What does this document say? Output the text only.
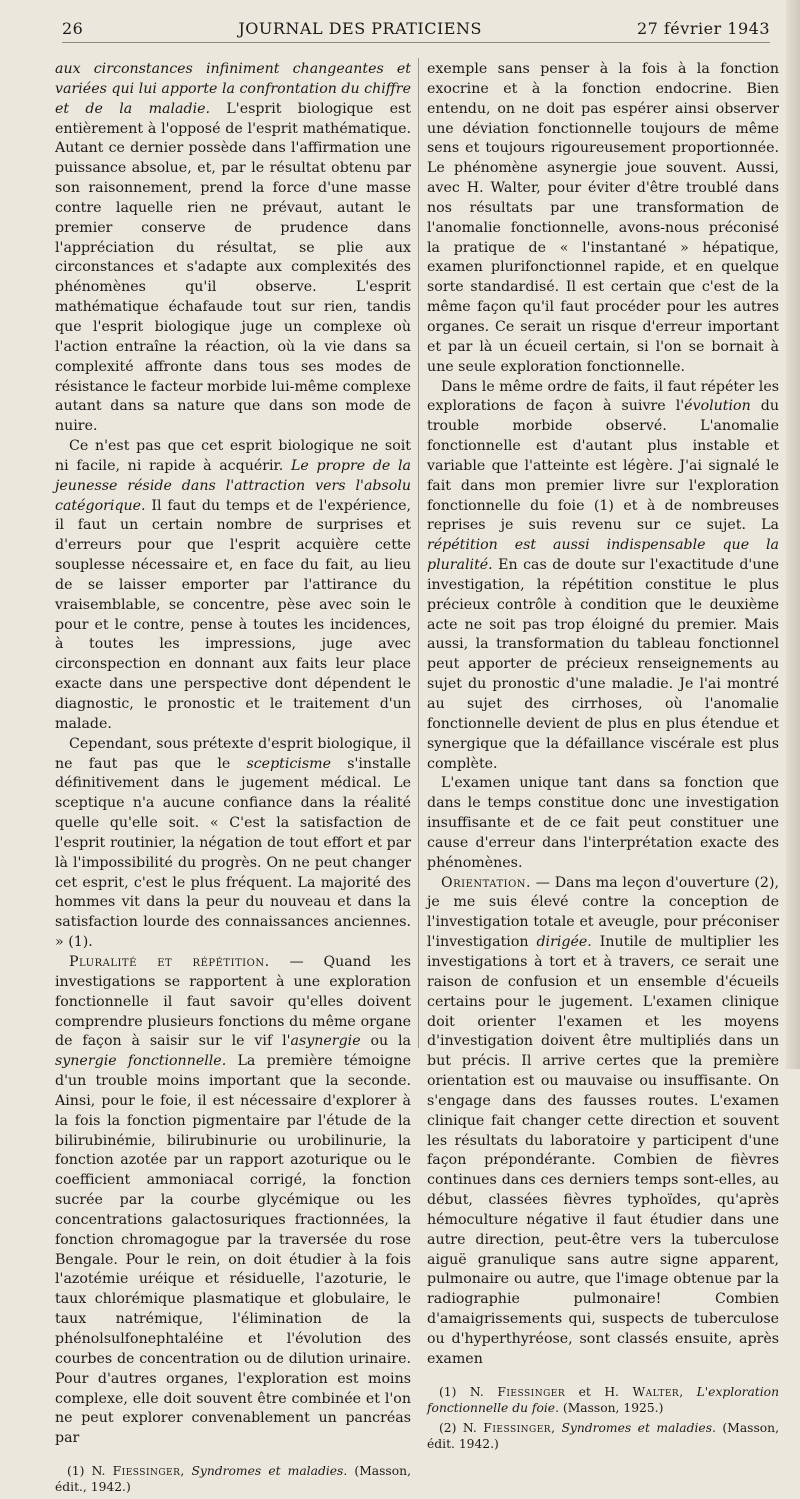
26	JOURNAL DES PRATICIENS	27 février 1943

aux circonstances infiniment changeantes et variées qui lui apporte la confrontation du chiffre et de la maladie. L'esprit biologique est entièrement à l'opposé de l'esprit mathématique. Autant ce dernier possède dans l'affirmation une puissance absolue, et, par le résultat obtenu par son raisonnement, prend la force d'une masse contre laquelle rien ne prévaut, autant le premier conserve de prudence dans l'appréciation du résultat, se plie aux circonstances et s'adapte aux complexités des phénomènes qu'il observe. L'esprit mathématique échafaude tout sur rien, tandis que l'esprit biologique juge un complexe où l'action entraîne la réaction, où la vie dans sa complexité affronte dans tous ses modes de résistance le facteur morbide lui-même complexe autant dans sa nature que dans son mode de nuire.

Ce n'est pas que cet esprit biologique ne soit ni facile, ni rapide à acquérir. Le propre de la jeunesse réside dans l'attraction vers l'absolu catégorique. Il faut du temps et de l'expérience, il faut un certain nombre de surprises et d'erreurs pour que l'esprit acquière cette souplesse nécessaire et, en face du fait, au lieu de se laisser emporter par l'attirance du vraisemblable, se concentre, pèse avec soin le pour et le contre, pense à toutes les incidences, à toutes les impressions, juge avec circonspection en donnant aux faits leur place exacte dans une perspective dont dépendent le diagnostic, le pronostic et le traitement d'un malade.

Cependant, sous prétexte d'esprit biologique, il ne faut pas que le scepticisme s'installe définitivement dans le jugement médical. Le sceptique n'a aucune confiance dans la réalité quelle qu'elle soit. « C'est la satisfaction de l'esprit routinier, la négation de tout effort et par là l'impossibilité du progrès. On ne peut changer cet esprit, c'est le plus fréquent. La majorité des hommes vit dans la peur du nouveau et dans la satisfaction lourde des connaissances anciennes. » (1).

Pluralité et répétition. — Quand les investigations se rapportent à une exploration fonctionnelle il faut savoir qu'elles doivent comprendre plusieurs fonctions du même organe de façon à saisir sur le vif l'asynergie ou la synergie fonctionnelle. La première témoigne d'un trouble moins important que la seconde. Ainsi, pour le foie, il est nécessaire d'explorer à la fois la fonction pigmentaire par l'étude de la bilirubinémie, bilirubinurie ou urobilinurie, la fonction azotée par un rapport azoturique ou le coefficient ammoniacal corrigé, la fonction sucrée par la courbe glycémique ou les concentrations galactosuriques fractionnées, la fonction chromagogue par la traversée du rose Bengale. Pour le rein, on doit étudier à la fois l'azotémie uréique et résiduelle, l'azoturie, le taux chlorémique plasmatique et globulaire, le taux natrémique, l'élimination de la phénolsulfonephtaléine et l'évolution des courbes de concentration ou de dilution urinaire. Pour d'autres organes, l'exploration est moins complexe, elle doit souvent être combinée et l'on ne peut explorer convenablement un pancréas par

(1) N. Fiessinger, Syndromes et maladies. (Masson, édit., 1942.)

exemple sans penser à la fois à la fonction exocrine et à la fonction endocrine. Bien entendu, on ne doit pas espérer ainsi observer une déviation fonctionnelle toujours de même sens et toujours rigoureusement proportionnée. Le phénomène asynergie joue souvent. Aussi, avec H. Walter, pour éviter d'être troublé dans nos résultats par une transformation de l'anomalie fonctionnelle, avons-nous préconisé la pratique de « l'instantané » hépatique, examen plurifonctionnel rapide, et en quelque sorte standardisé. Il est certain que c'est de la même façon qu'il faut procéder pour les autres organes. Ce serait un risque d'erreur important et par là un écueil certain, si l'on se bornait à une seule exploration fonctionnelle.

Dans le même ordre de faits, il faut répéter les explorations de façon à suivre l'évolution du trouble morbide observé. L'anomalie fonctionnelle est d'autant plus instable et variable que l'atteinte est légère. J'ai signalé le fait dans mon premier livre sur l'exploration fonctionnelle du foie (1) et à de nombreuses reprises je suis revenu sur ce sujet. La répétition est aussi indispensable que la pluralité. En cas de doute sur l'exactitude d'une investigation, la répétition constitue le plus précieux contrôle à condition que le deuxième acte ne soit pas trop éloigné du premier. Mais aussi, la transformation du tableau fonctionnel peut apporter de précieux renseignements au sujet du pronostic d'une maladie. Je l'ai montré au sujet des cirrhoses, où l'anomalie fonctionnelle devient de plus en plus étendue et synergique que la défaillance viscérale est plus complète.

L'examen unique tant dans sa fonction que dans le temps constitue donc une investigation insuffisante et de ce fait peut constituer une cause d'erreur dans l'interprétation exacte des phénomènes.

Orientation. — Dans ma leçon d'ouverture (2), je me suis élevé contre la conception de l'investigation totale et aveugle, pour préconiser l'investigation dirigée. Inutile de multiplier les investigations à tort et à travers, ce serait une raison de confusion et un ensemble d'écueils certains pour le jugement. L'examen clinique doit orienter l'examen et les moyens d'investigation doivent être multipliés dans un but précis. Il arrive certes que la première orientation est ou mauvaise ou insuffisante. On s'engage dans des fausses routes. L'examen clinique fait changer cette direction et souvent les résultats du laboratoire y participent d'une façon prépondérante. Combien de fièvres continues dans ces derniers temps sont-elles, au début, classées fièvres typhoïdes, qu'après hémoculture négative il faut étudier dans une autre direction, peut-être vers la tuberculose aiguë granulique sans autre signe apparent, pulmonaire ou autre, que l'image obtenue par la radiographie pulmonaire! Combien d'amaigrissements qui, suspects de tuberculose ou d'hyperthyréose, sont classés ensuite, après examen

(1) N. Fiessinger et H. Walter, L'exploration fonctionnelle du foie. (Masson, 1925.)

(2) N. Fiessinger, Syndromes et maladies. (Masson, édit. 1942.)
